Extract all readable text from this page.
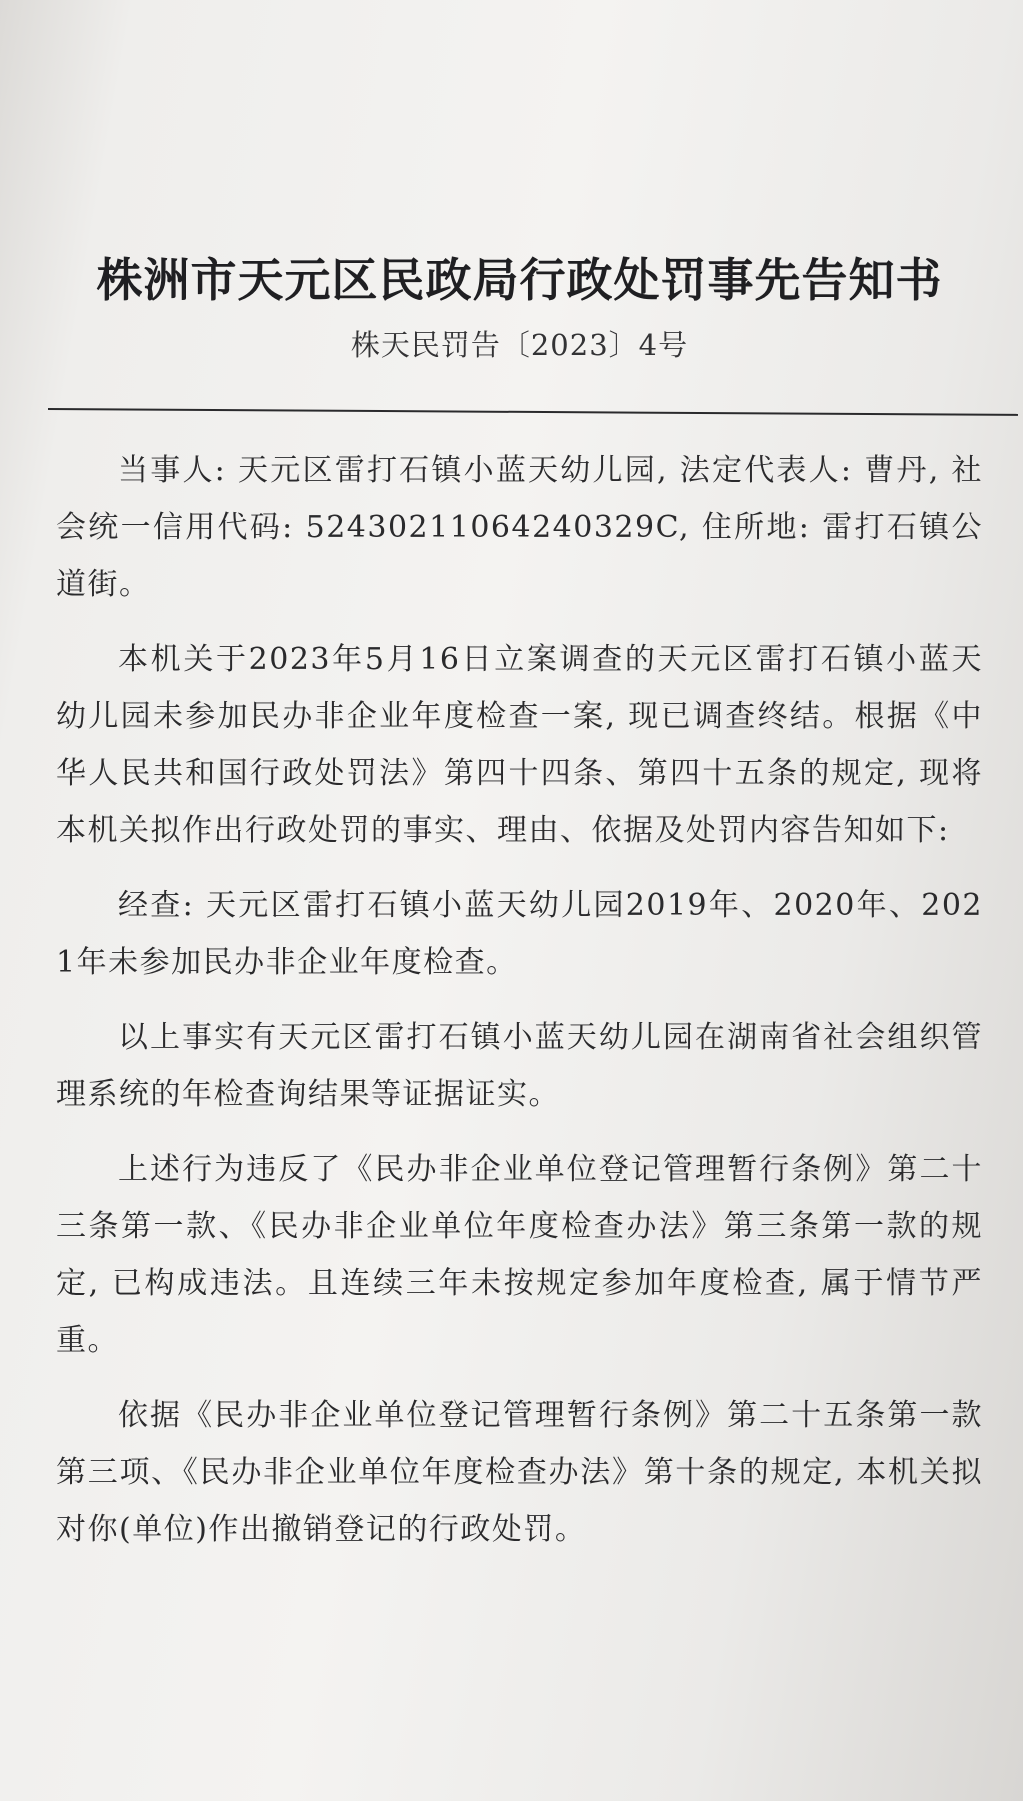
株洲市天元区民政局行政处罚事先告知书

株天民罚告〔2023〕4号

当事人: 天元区雷打石镇小蓝天幼儿园, 法定代表人: 曹丹, 社会统一信用代码: 52430211064240329C, 住所地: 雷打石镇公道街。

本机关于2023年5月16日立案调查的天元区雷打石镇小蓝天幼儿园未参加民办非企业年度检查一案, 现已调查终结。根据《中华人民共和国行政处罚法》第四十四条、第四十五条的规定, 现将本机关拟作出行政处罚的事实、理由、依据及处罚内容告知如下:

经查: 天元区雷打石镇小蓝天幼儿园2019年、2020年、2021年未参加民办非企业年度检查。

以上事实有天元区雷打石镇小蓝天幼儿园在湖南省社会组织管理系统的年检查询结果等证据证实。

上述行为违反了《民办非企业单位登记管理暂行条例》第二十三条第一款、《民办非企业单位年度检查办法》第三条第一款的规定, 已构成违法。且连续三年未按规定参加年度检查, 属于情节严重。

依据《民办非企业单位登记管理暂行条例》第二十五条第一款第三项、《民办非企业单位年度检查办法》第十条的规定, 本机关拟对你(单位)作出撤销登记的行政处罚。
